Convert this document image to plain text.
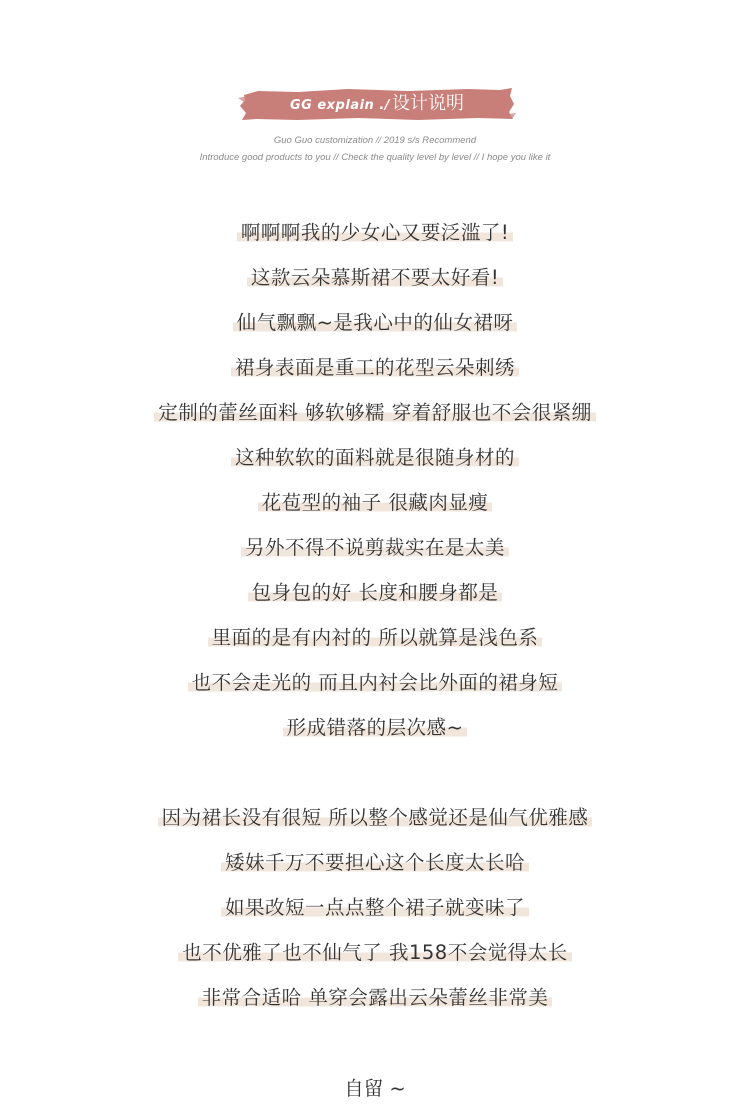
GG explain ./ 设计说明
Guo Guo customization // 2019 s/s Recommend
Introduce good products to you // Check the quality level by level // I hope you like it
啊啊啊我的少女心又要泛滥了!
这款云朵慕斯裙不要太好看!
仙气飘飘~是我心中的仙女裙呀
裙身表面是重工的花型云朵刺绣
定制的蕾丝面料 够软够糯 穿着舒服也不会很紧绷
这种软软的面料就是很随身材的
花苞型的袖子 很藏肉显瘦
另外不得不说剪裁实在是太美
包身包的好 长度和腰身都是
里面的是有内衬的 所以就算是浅色系
也不会走光的 而且内衬会比外面的裙身短
形成错落的层次感~
因为裙长没有很短 所以整个感觉还是仙气优雅感
矮妹千万不要担心这个长度太长哈
如果改短一点点整个裙子就变味了
也不优雅了也不仙气了 我158不会觉得太长
非常合适哈 单穿会露出云朵蕾丝非常美
自留 ~
